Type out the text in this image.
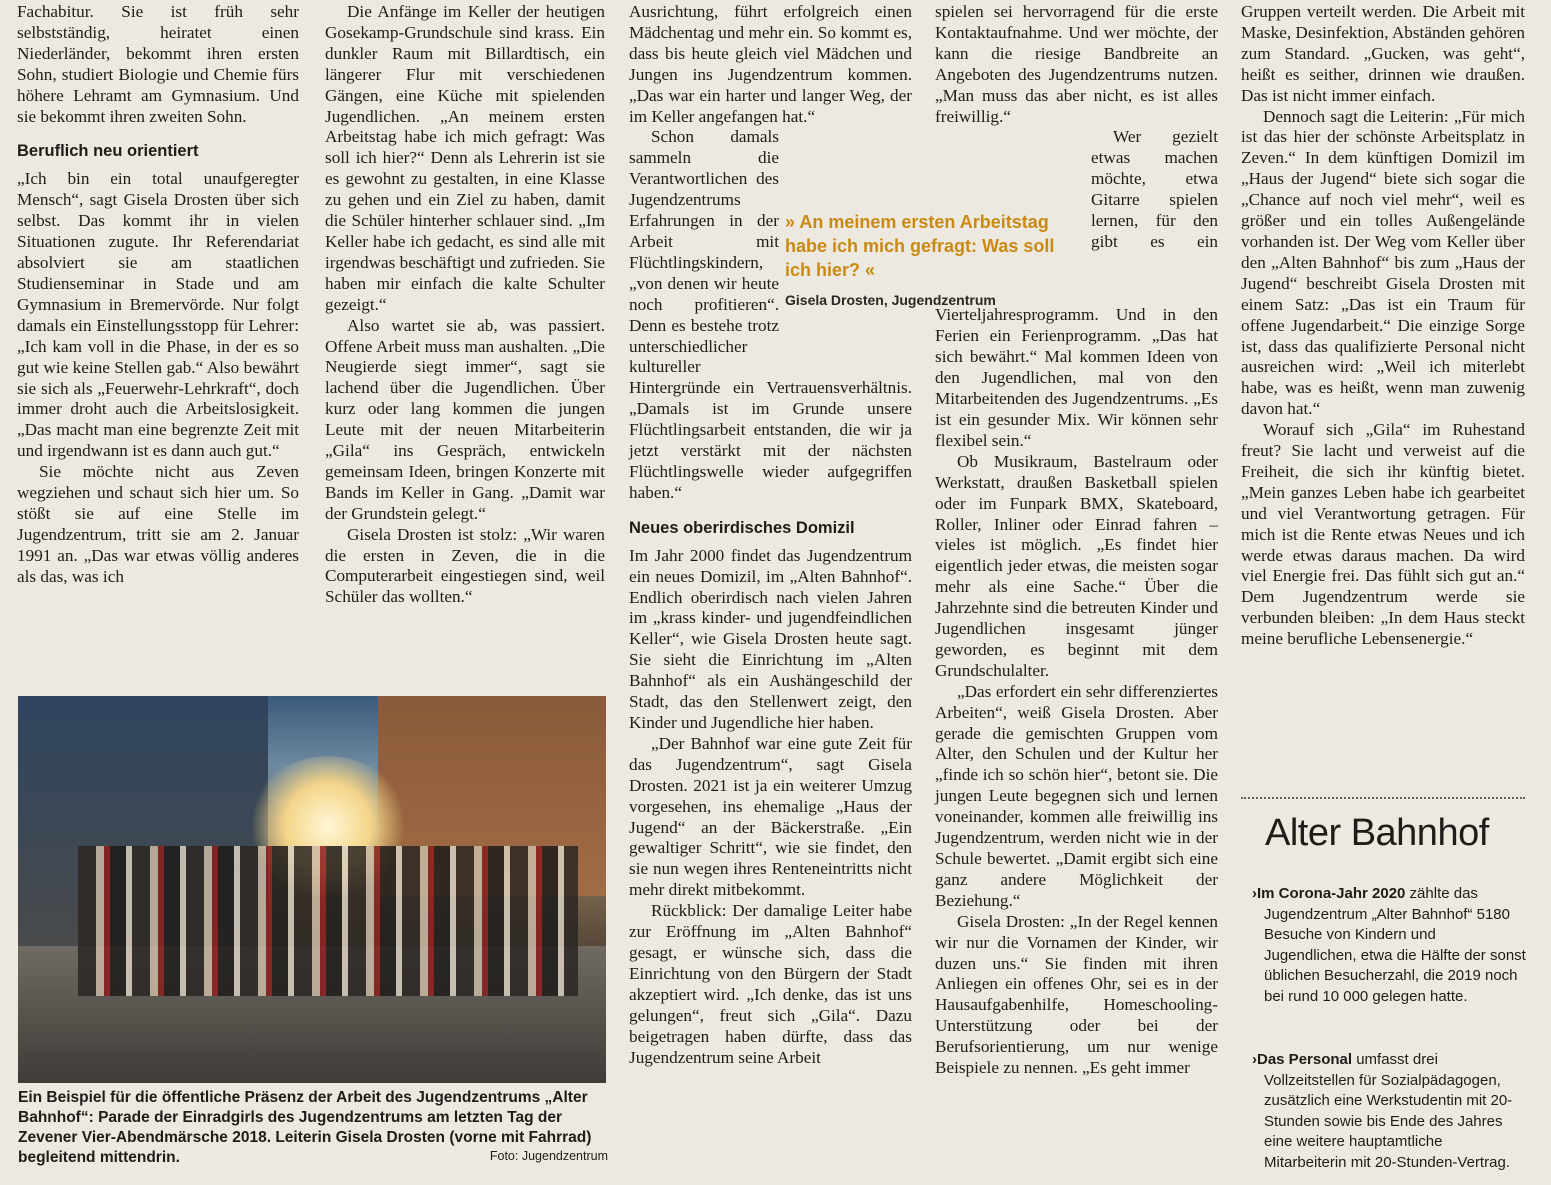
Fachabitur. Sie ist früh sehr selbstständig, heiratet einen Niederländer, bekommt ihren ersten Sohn, studiert Biologie und Chemie fürs höhere Lehramt am Gymnasium. Und sie bekommt ihren zweiten Sohn.

Beruflich neu orientiert

„Ich bin ein total unaufgeregter Mensch“, sagt Gisela Drosten über sich selbst. Das kommt ihr in vielen Situationen zugute. Ihr Referendariat absolviert sie am staatlichen Studienseminar in Stade und am Gymnasium in Bremervörde. Nur folgt damals ein Einstellungsstopp für Lehrer: „Ich kam voll in die Phase, in der es so gut wie keine Stellen gab.“ Also bewährt sie sich als „Feuerwehr-Lehrkraft“, doch immer droht auch die Arbeitslosigkeit. „Das macht man eine begrenzte Zeit mit und irgendwann ist es dann auch gut.“

Sie möchte nicht aus Zeven wegziehen und schaut sich hier um. So stößt sie auf eine Stelle im Jugendzentrum, tritt sie am 2. Januar 1991 an. „Das war etwas völlig anderes als das, was ich

Die Anfänge im Keller der heutigen Gosekamp-Grundschule sind krass. Ein dunkler Raum mit Billardtisch, ein längerer Flur mit verschiedenen Gängen, eine Küche mit spielenden Jugendlichen. „An meinem ersten Arbeitstag habe ich mich gefragt: Was soll ich hier?“ Denn als Lehrerin ist sie es gewohnt zu gestalten, in eine Klasse zu gehen und ein Ziel zu haben, damit die Schüler hinterher schlauer sind. „Im Keller habe ich gedacht, es sind alle mit irgendwas beschäftigt und zufrieden. Sie haben mir einfach die kalte Schulter gezeigt.“

Also wartet sie ab, was passiert. Offene Arbeit muss man aushalten. „Die Neugierde siegt immer“, sagt sie lachend über die Jugendlichen. Über kurz oder lang kommen die jungen Leute mit der neuen Mitarbeiterin „Gila“ ins Gespräch, entwickeln gemeinsam Ideen, bringen Konzerte mit Bands im Keller in Gang. „Damit war der Grundstein gelegt.“

Gisela Drosten ist stolz: „Wir waren die ersten in Zeven, die in die Computerarbeit eingestiegen sind, weil Schüler das wollten.“

Ausrichtung, führt erfolgreich einen Mädchentag und mehr ein. So kommt es, dass bis heute gleich viel Mädchen und Jungen ins Jugendzentrum kommen. „Das war ein harter und langer Weg, der im Keller angefangen hat.“

Schon damals sammeln die Verantwortlichen des Jugendzentrums Erfahrungen in der Arbeit mit Flüchtlingskindern, „von denen wir heute noch profitieren“. Denn es bestehe trotz unterschiedlicher kultureller Hintergründe ein Vertrauensverhältnis. „Damals ist im Grunde unsere Flüchtlingsarbeit entstanden, die wir ja jetzt verstärkt mit der nächsten Flüchtlingswelle wieder aufgegriffen haben.“

Neues oberirdisches Domizil

Im Jahr 2000 findet das Jugendzentrum ein neues Domizil, im „Alten Bahnhof“. Endlich oberirdisch nach vielen Jahren im „krass kinder- und jugendfeindlichen Keller“, wie Gisela Drosten heute sagt. Sie sieht die Einrichtung im „Alten Bahnhof“ als ein Aushängeschild der Stadt, das den Stellenwert zeigt, den Kinder und Jugendliche hier haben.

„Der Bahnhof war eine gute Zeit für das Jugendzentrum“, sagt Gisela Drosten. 2021 ist ja ein weiterer Umzug vorgesehen, ins ehemalige „Haus der Jugend“ an der Bäckerstraße. „Ein gewaltiger Schritt“, wie sie findet, den sie nun wegen ihres Renteneintritts nicht mehr direkt mitbekommt.

Rückblick: Der damalige Leiter habe zur Eröffnung im „Alten Bahnhof“ gesagt, er wünsche sich, dass die Einrichtung von den Bürgern der Stadt akzeptiert wird. „Ich denke, das ist uns gelungen“, freut sich „Gila“. Dazu beigetragen haben dürfte, dass das Jugendzentrum seine Arbeit

spielen sei hervorragend für die erste Kontaktaufnahme. Und wer möchte, der kann die riesige Bandbreite an Angeboten des Jugendzentrums nutzen. „Man muss das aber nicht, es ist alles freiwillig.“

Wer gezielt etwas machen möchte, etwa Gitarre spielen lernen, für den gibt es ein Vierteljahresprogramm. Und in den Ferien ein Ferienprogramm. „Das hat sich bewährt.“ Mal kommen Ideen von den Jugendlichen, mal von den Mitarbeitenden des Jugendzentrums. „Es ist ein gesunder Mix. Wir können sehr flexibel sein.“

Ob Musikraum, Bastelraum oder Werkstatt, draußen Basketball spielen oder im Funpark BMX, Skateboard, Roller, Inliner oder Einrad fahren – vieles ist möglich. „Es findet hier eigentlich jeder etwas, die meisten sogar mehr als eine Sache.“ Über die Jahrzehnte sind die betreuten Kinder und Jugendlichen insgesamt jünger geworden, es beginnt mit dem Grundschulalter.

„Das erfordert ein sehr differenziertes Arbeiten“, weiß Gisela Drosten. Aber gerade die gemischten Gruppen vom Alter, den Schulen und der Kultur her „finde ich so schön hier“, betont sie. Die jungen Leute begegnen sich und lernen voneinander, kommen alle freiwillig ins Jugendzentrum, werden nicht wie in der Schule bewertet. „Damit ergibt sich eine ganz andere Möglichkeit der Beziehung.“

Gisela Drosten: „In der Regel kennen wir nur die Vornamen der Kinder, wir duzen uns.“ Sie finden mit ihren Anliegen ein offenes Ohr, sei es in der Hausaufgabenhilfe, Homeschooling-Unterstützung oder bei der Berufsorientierung, um nur wenige Beispiele zu nennen. „Es geht immer

Gruppen verteilt werden. Die Arbeit mit Maske, Desinfektion, Abständen gehören zum Standard. „Gucken, was geht“, heißt es seither, drinnen wie draußen. Das ist nicht immer einfach.

Dennoch sagt die Leiterin: „Für mich ist das hier der schönste Arbeitsplatz in Zeven.“ In dem künftigen Domizil im „Haus der Jugend“ biete sich sogar die „Chance auf noch viel mehr“, weil es größer und ein tolles Außengelände vorhanden ist. Der Weg vom Keller über den „Alten Bahnhof“ bis zum „Haus der Jugend“ beschreibt Gisela Drosten mit einem Satz: „Das ist ein Traum für offene Jugendarbeit.“ Die einzige Sorge ist, dass das qualifizierte Personal nicht ausreichen wird: „Weil ich miterlebt habe, was es heißt, wenn man zuwenig davon hat.“

Worauf sich „Gila“ im Ruhestand freut? Sie lacht und verweist auf die Freiheit, die sich ihr künftig bietet. „Mein ganzes Leben habe ich gearbeitet und viel Verantwortung getragen. Für mich ist die Rente etwas Neues und ich werde etwas daraus machen. Da wird viel Energie frei. Das fühlt sich gut an.“ Dem Jugendzentrum werde sie verbunden bleiben: „In dem Haus steckt meine berufliche Lebensenergie.“

» An meinem ersten Arbeitstag habe ich mich gefragt: Was soll ich hier? «
Gisela Drosten, Jugendzentrum
Ein Beispiel für die öffentliche Präsenz der Arbeit des Jugendzentrums „Alter Bahnhof“: Parade der Einradgirls des Jugendzentrums am letzten Tag der Zevener Vier-Abendmärsche 2018. Leiterin Gisela Drosten (vorne mit Fahrrad) begleitend mittendrin.	Foto: Jugendzentrum
Alter Bahnhof
›Im Corona-Jahr 2020 zählte das Jugendzentrum „Alter Bahnhof“ 5180 Besuche von Kindern und Jugendlichen, etwa die Hälfte der sonst üblichen Besucherzahl, die 2019 noch bei rund 10 000 gelegen hatte.
›Das Personal umfasst drei Vollzeitstellen für Sozialpädagogen, zusätzlich eine Werkstudentin mit 20-Stunden sowie bis Ende des Jahres eine weitere hauptamtliche Mitarbeiterin mit 20-Stunden-Vertrag.
